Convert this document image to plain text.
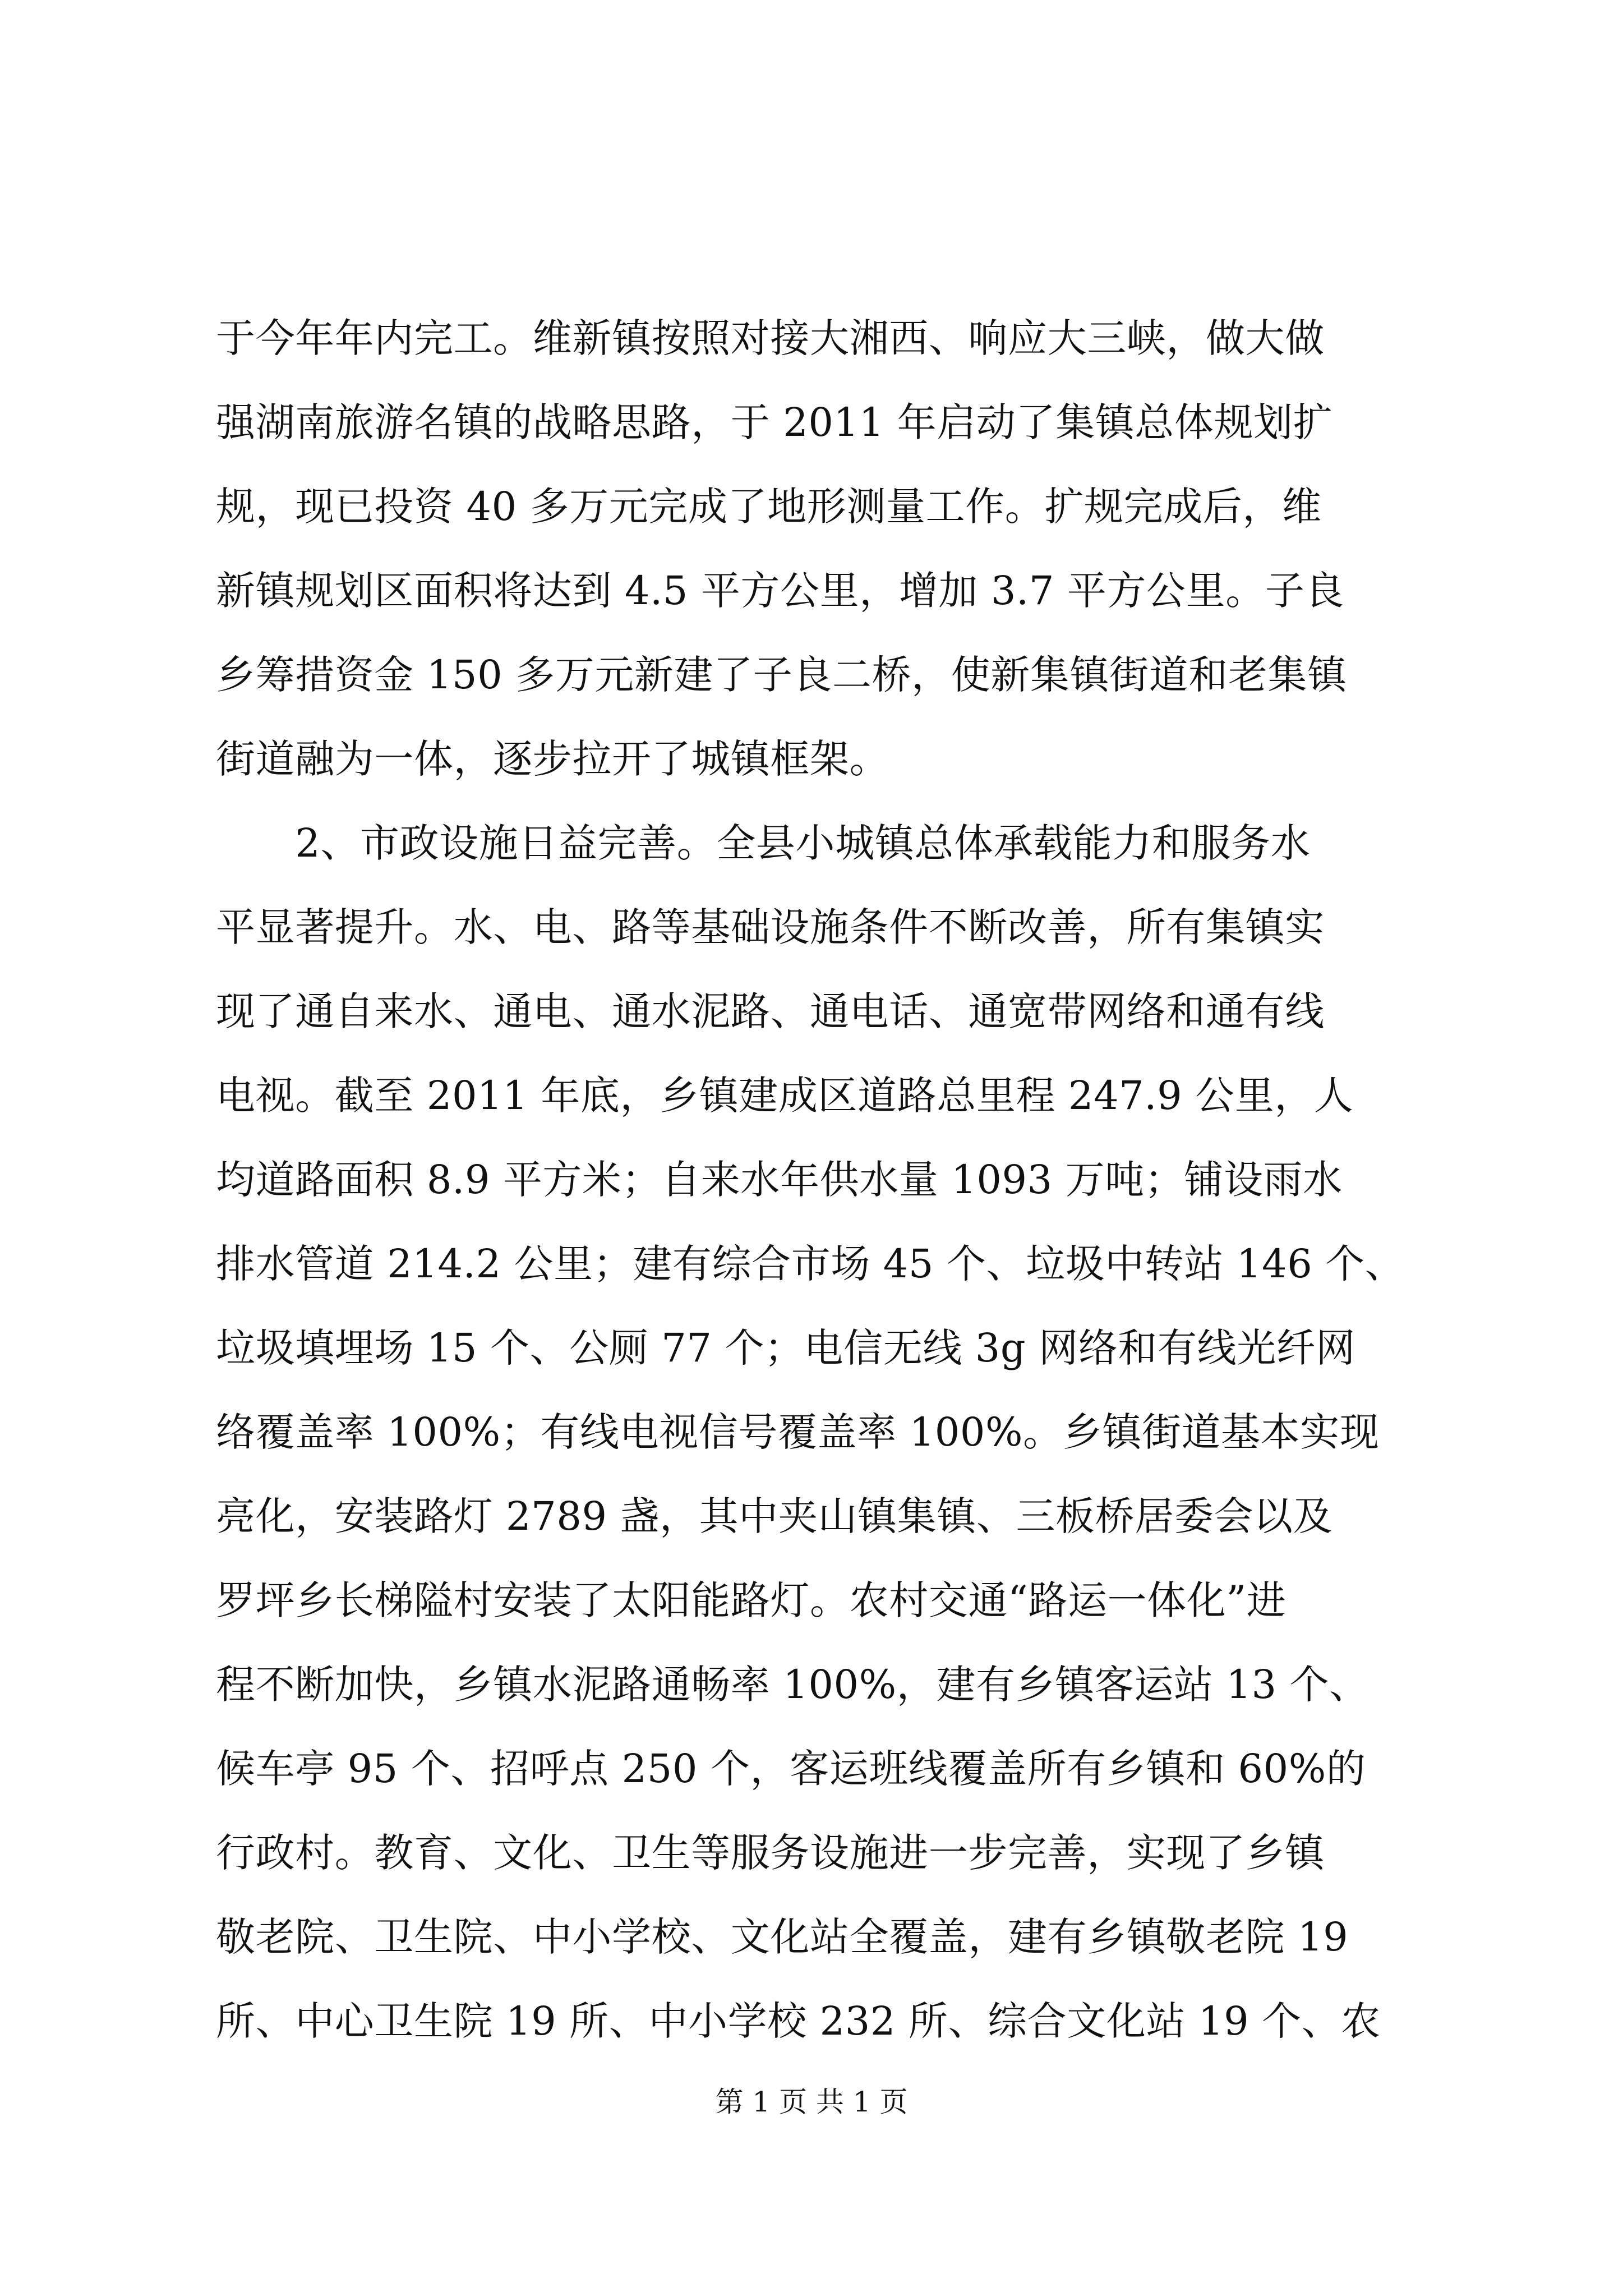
于今年年内完工。维新镇按照对接大湘西、响应大三峡，做大做
强湖南旅游名镇的战略思路，于 2011 年启动了集镇总体规划扩
规，现已投资 40 多万元完成了地形测量工作。扩规完成后，维
新镇规划区面积将达到 4.5 平方公里，增加 3.7 平方公里。子良
乡筹措资金 150 多万元新建了子良二桥，使新集镇街道和老集镇
街道融为一体，逐步拉开了城镇框架。
　　2、市政设施日益完善。全县小城镇总体承载能力和服务水
平显著提升。水、电、路等基础设施条件不断改善，所有集镇实
现了通自来水、通电、通水泥路、通电话、通宽带网络和通有线
电视。截至 2011 年底，乡镇建成区道路总里程 247.9 公里，人
均道路面积 8.9 平方米；自来水年供水量 1093 万吨；铺设雨水
排水管道 214.2 公里；建有综合市场 45 个、垃圾中转站 146 个、
垃圾填埋场 15 个、公厕 77 个；电信无线 3g 网络和有线光纤网
络覆盖率 100%；有线电视信号覆盖率 100%。乡镇街道基本实现
亮化，安装路灯 2789 盏，其中夹山镇集镇、三板桥居委会以及
罗坪乡长梯隘村安装了太阳能路灯。农村交通“路运一体化”进
程不断加快，乡镇水泥路通畅率 100%，建有乡镇客运站 13 个、
候车亭 95 个、招呼点 250 个，客运班线覆盖所有乡镇和 60%的
行政村。教育、文化、卫生等服务设施进一步完善，实现了乡镇
敬老院、卫生院、中小学校、文化站全覆盖，建有乡镇敬老院 19
所、中心卫生院 19 所、中小学校 232 所、综合文化站 19 个、农
第 1 页 共 1 页
